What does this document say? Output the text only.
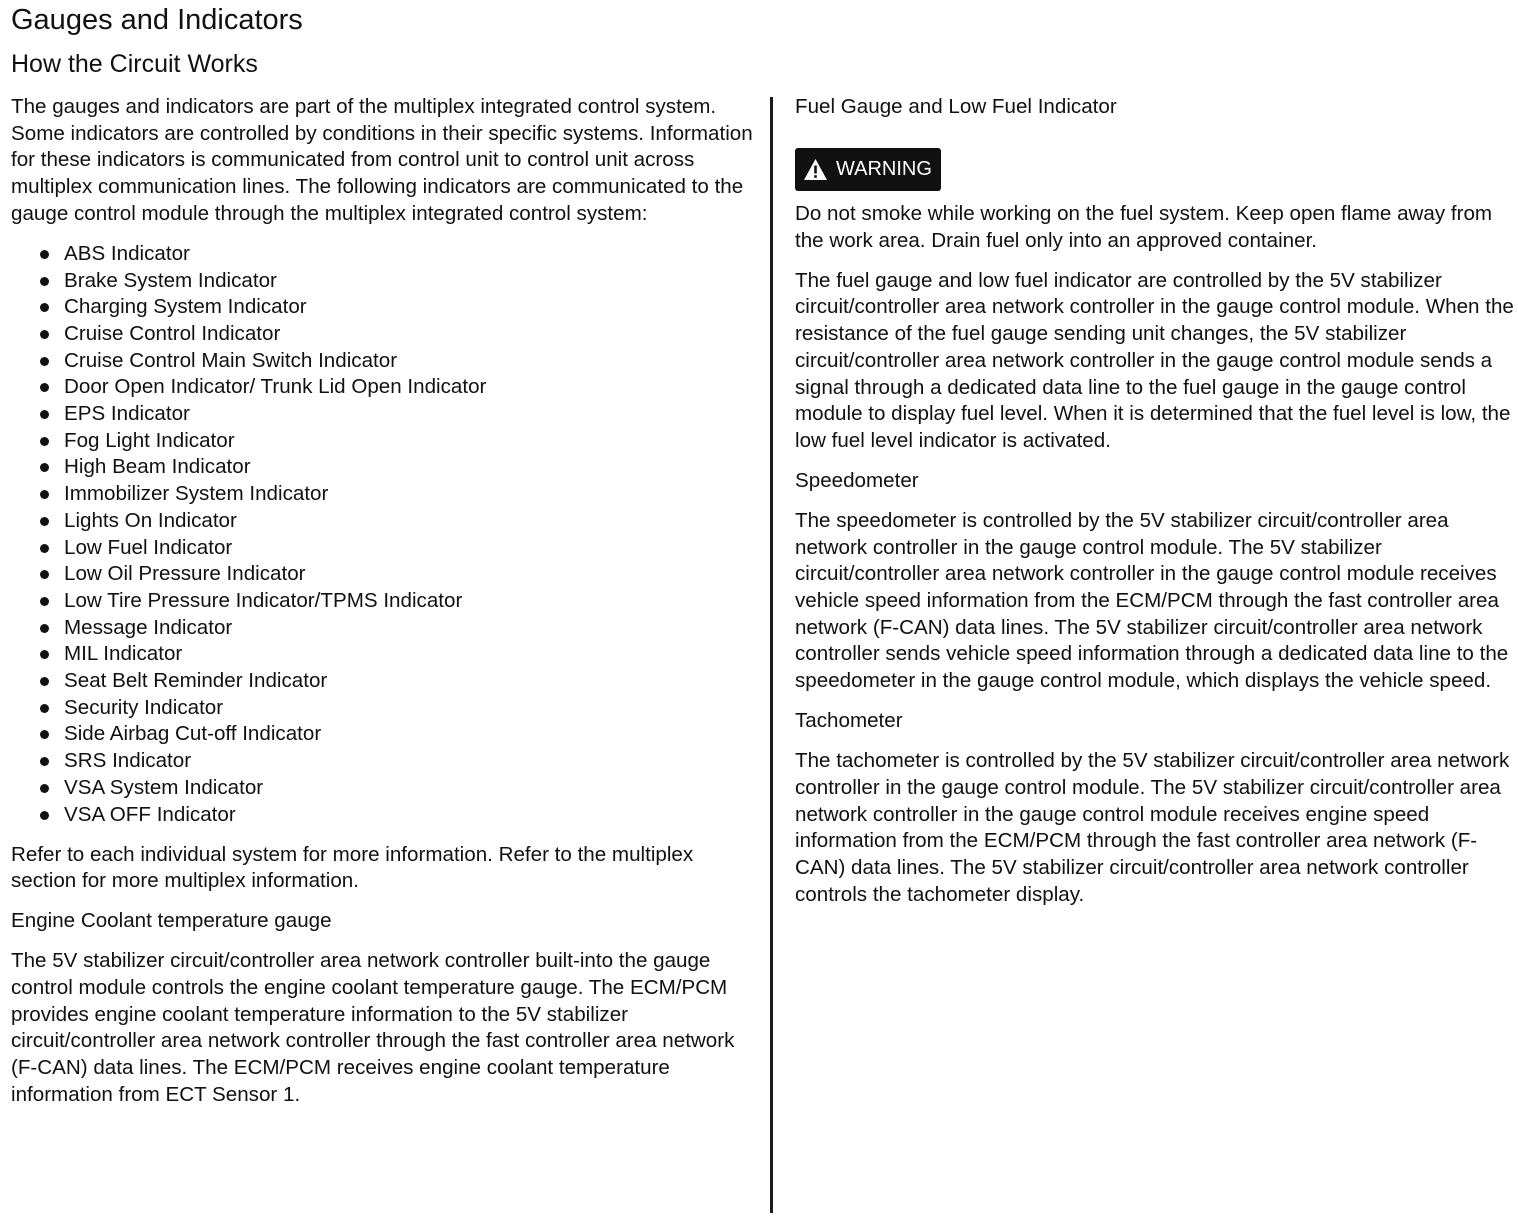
Gauges and Indicators
How the Circuit Works

The gauges and indicators are part of the multiplex integrated control system. Some indicators are controlled by conditions in their specific systems. Information for these indicators is communicated from control unit to control unit across multiplex communication lines. The following indicators are communicated to the gauge control module through the multiplex integrated control system:

ABS Indicator
Brake System Indicator
Charging System Indicator
Cruise Control Indicator
Cruise Control Main Switch Indicator
Door Open Indicator/ Trunk Lid Open Indicator
EPS Indicator
Fog Light Indicator
High Beam Indicator
Immobilizer System Indicator
Lights On Indicator
Low Fuel Indicator
Low Oil Pressure Indicator
Low Tire Pressure Indicator/TPMS Indicator
Message Indicator
MIL Indicator
Seat Belt Reminder Indicator
Security Indicator
Side Airbag Cut-off Indicator
SRS Indicator
VSA System Indicator
VSA OFF Indicator

Refer to each individual system for more information. Refer to the multiplex section for more multiplex information.

Engine Coolant temperature gauge

The 5V stabilizer circuit/controller area network controller built-into the gauge control module controls the engine coolant temperature gauge. The ECM/PCM provides engine coolant temperature information to the 5V stabilizer circuit/controller area network controller through the fast controller area network (F-CAN) data lines. The ECM/PCM receives engine coolant temperature information from ECT Sensor 1.

Fuel Gauge and Low Fuel Indicator
WARNING

Do not smoke while working on the fuel system. Keep open flame away from the work area. Drain fuel only into an approved container.

The fuel gauge and low fuel indicator are controlled by the 5V stabilizer circuit/controller area network controller in the gauge control module. When the resistance of the fuel gauge sending unit changes, the 5V stabilizer circuit/controller area network controller in the gauge control module sends a signal through a dedicated data line to the fuel gauge in the gauge control module to display fuel level. When it is determined that the fuel level is low, the low fuel level indicator is activated.

Speedometer

The speedometer is controlled by the 5V stabilizer circuit/controller area network controller in the gauge control module. The 5V stabilizer circuit/controller area network controller in the gauge control module receives vehicle speed information from the ECM/PCM through the fast controller area network (F-CAN) data lines. The 5V stabilizer circuit/controller area network controller sends vehicle speed information through a dedicated data line to the speedometer in the gauge control module, which displays the vehicle speed.

Tachometer

The tachometer is controlled by the 5V stabilizer circuit/controller area network controller in the gauge control module. The 5V stabilizer circuit/controller area network controller in the gauge control module receives engine speed information from the ECM/PCM through the fast controller area network (F-CAN) data lines. The 5V stabilizer circuit/controller area network controller controls the tachometer display.
